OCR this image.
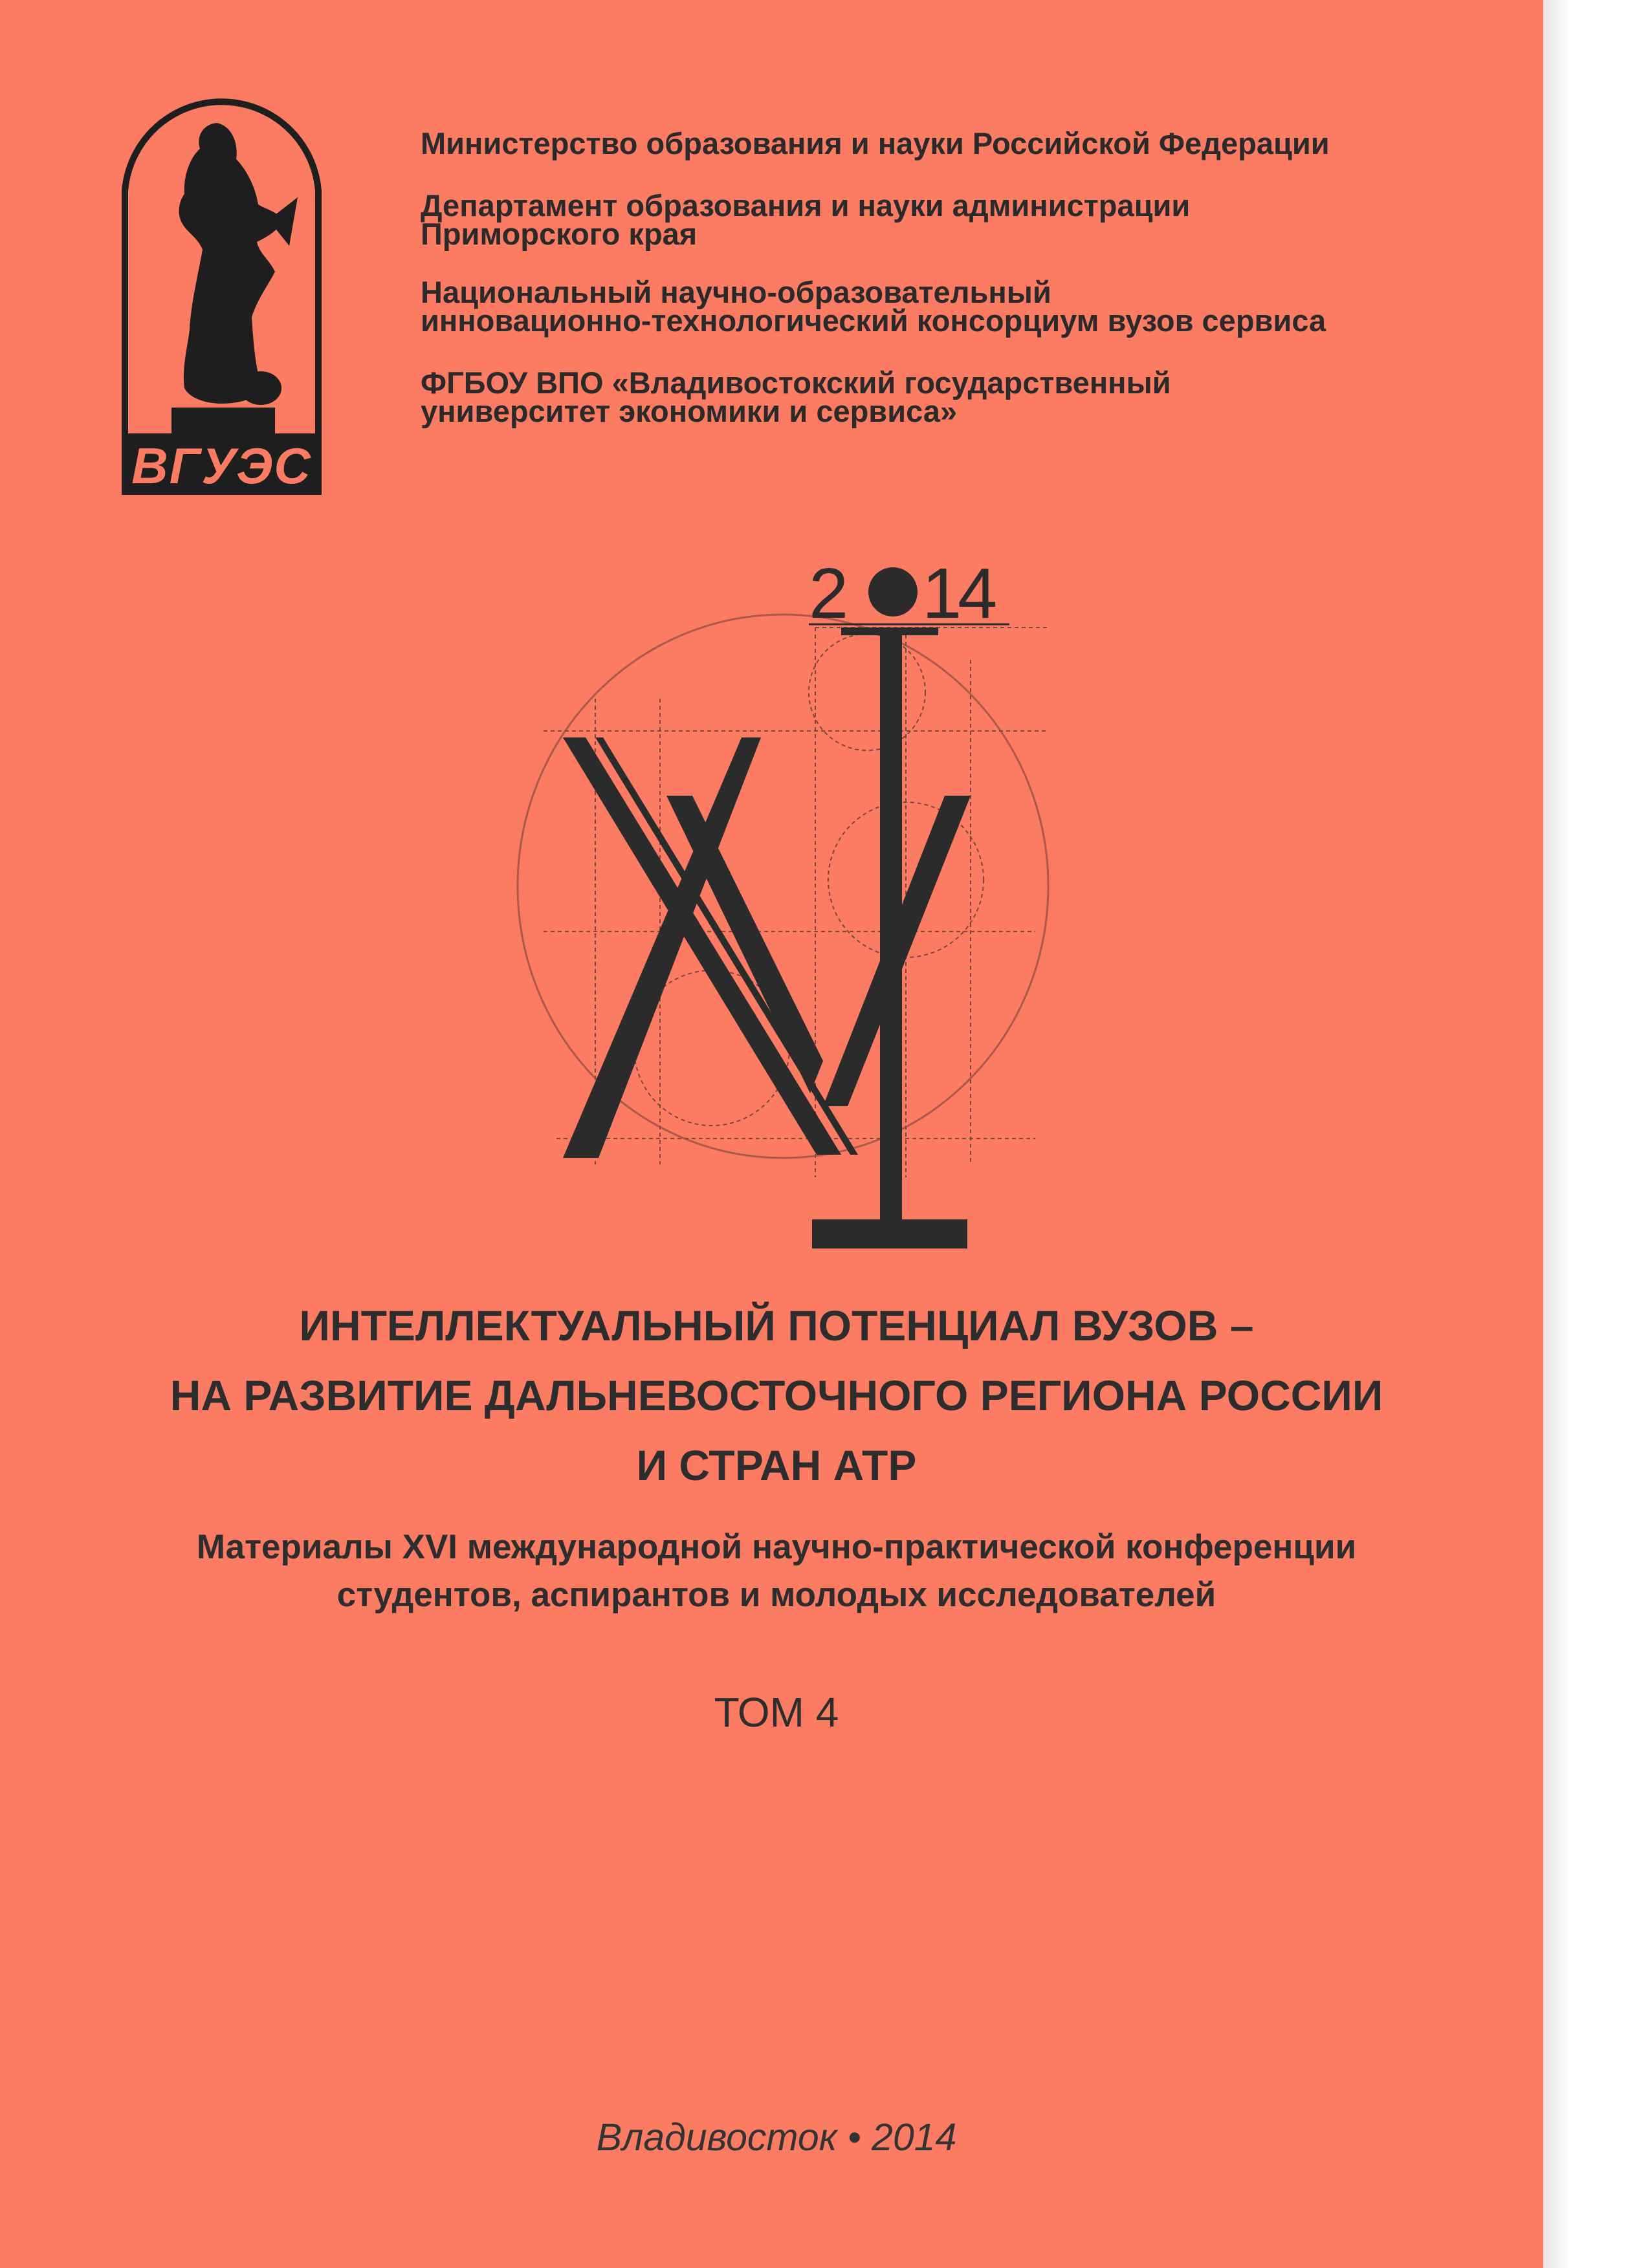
ВГУЭС
Министерство образования и науки Российской Федерации
Департамент образования и науки администрации
Приморского края
Национальный научно-образовательный
инновационно-технологический консорциум вузов сервиса
ФГБОУ ВПО «Владивостокский государственный
университет экономики и сервиса»
2 14
ИНТЕЛЛЕКТУАЛЬНЫЙ ПОТЕНЦИАЛ ВУЗОВ –
НА РАЗВИТИЕ ДАЛЬНЕВОСТОЧНОГО РЕГИОНА РОССИИ
И СТРАН АТР
Материалы XVI международной научно-практической конференции
студентов, аспирантов и молодых исследователей
ТОМ 4
Владивосток • 2014
